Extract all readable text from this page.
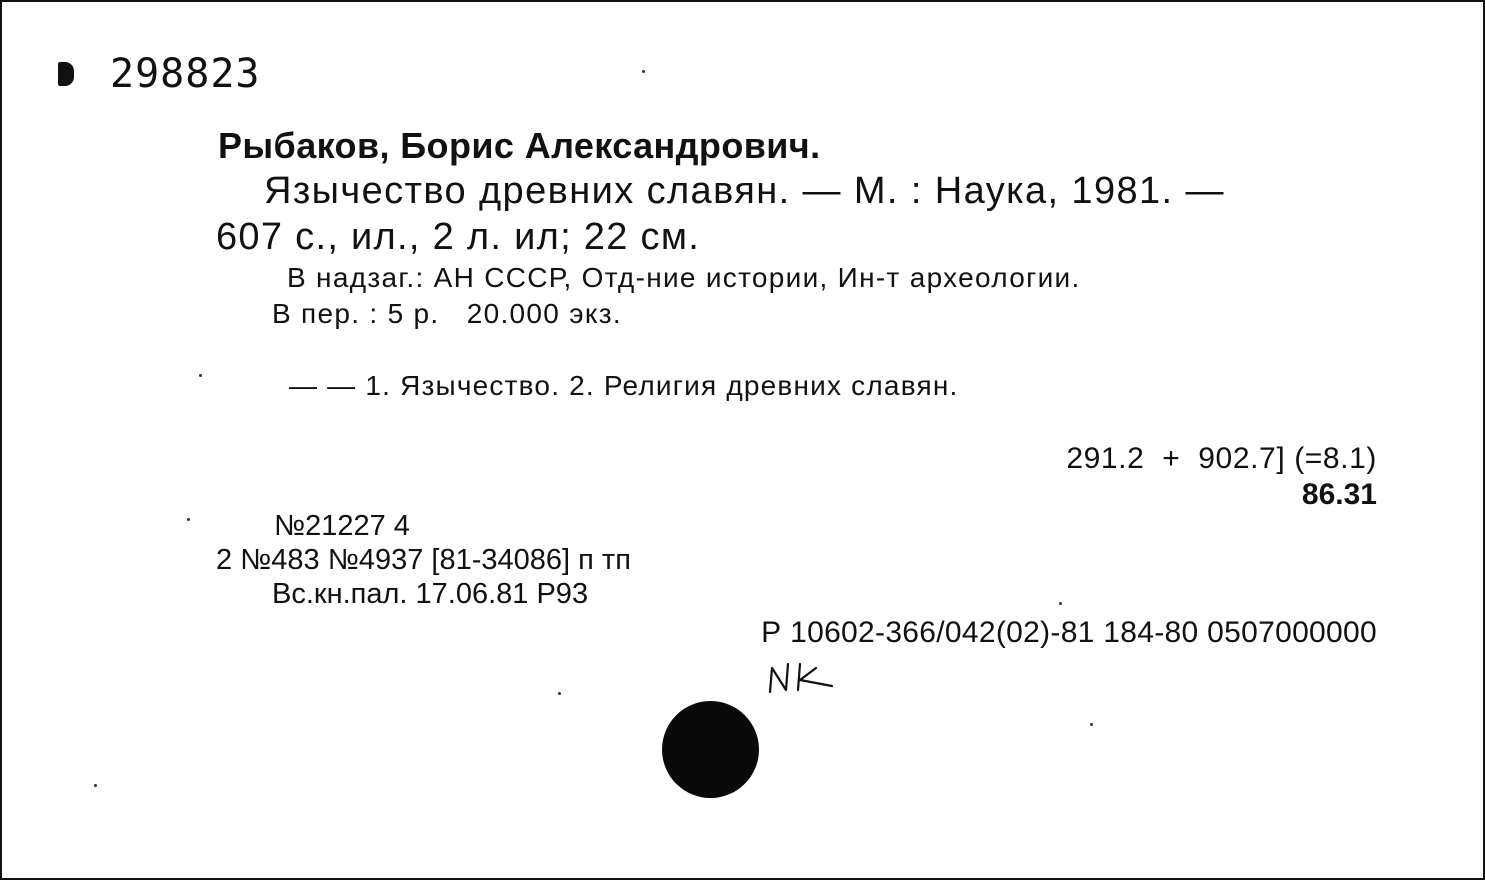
298823
Рыбаков, Борис Александрович.
Язычество древних славян. — М. : Наука, 1981. —
607 с., ил., 2 л. ил; 22 см.
В надзаг.: АН СССР, Отд-ние истории, Ин-т археологии.
В пер. : 5 р.   20.000 экз.
— — 1. Язычество. 2. Религия древних славян.
291.2  +  902.7] (=8.1)
86.31
№21227 4
2 №483 №4937 [81-34086] п тп
Вс.кн.пал. 17.06.81 Р93
Р 10602-366/042(02)-81 184-80 0507000000
